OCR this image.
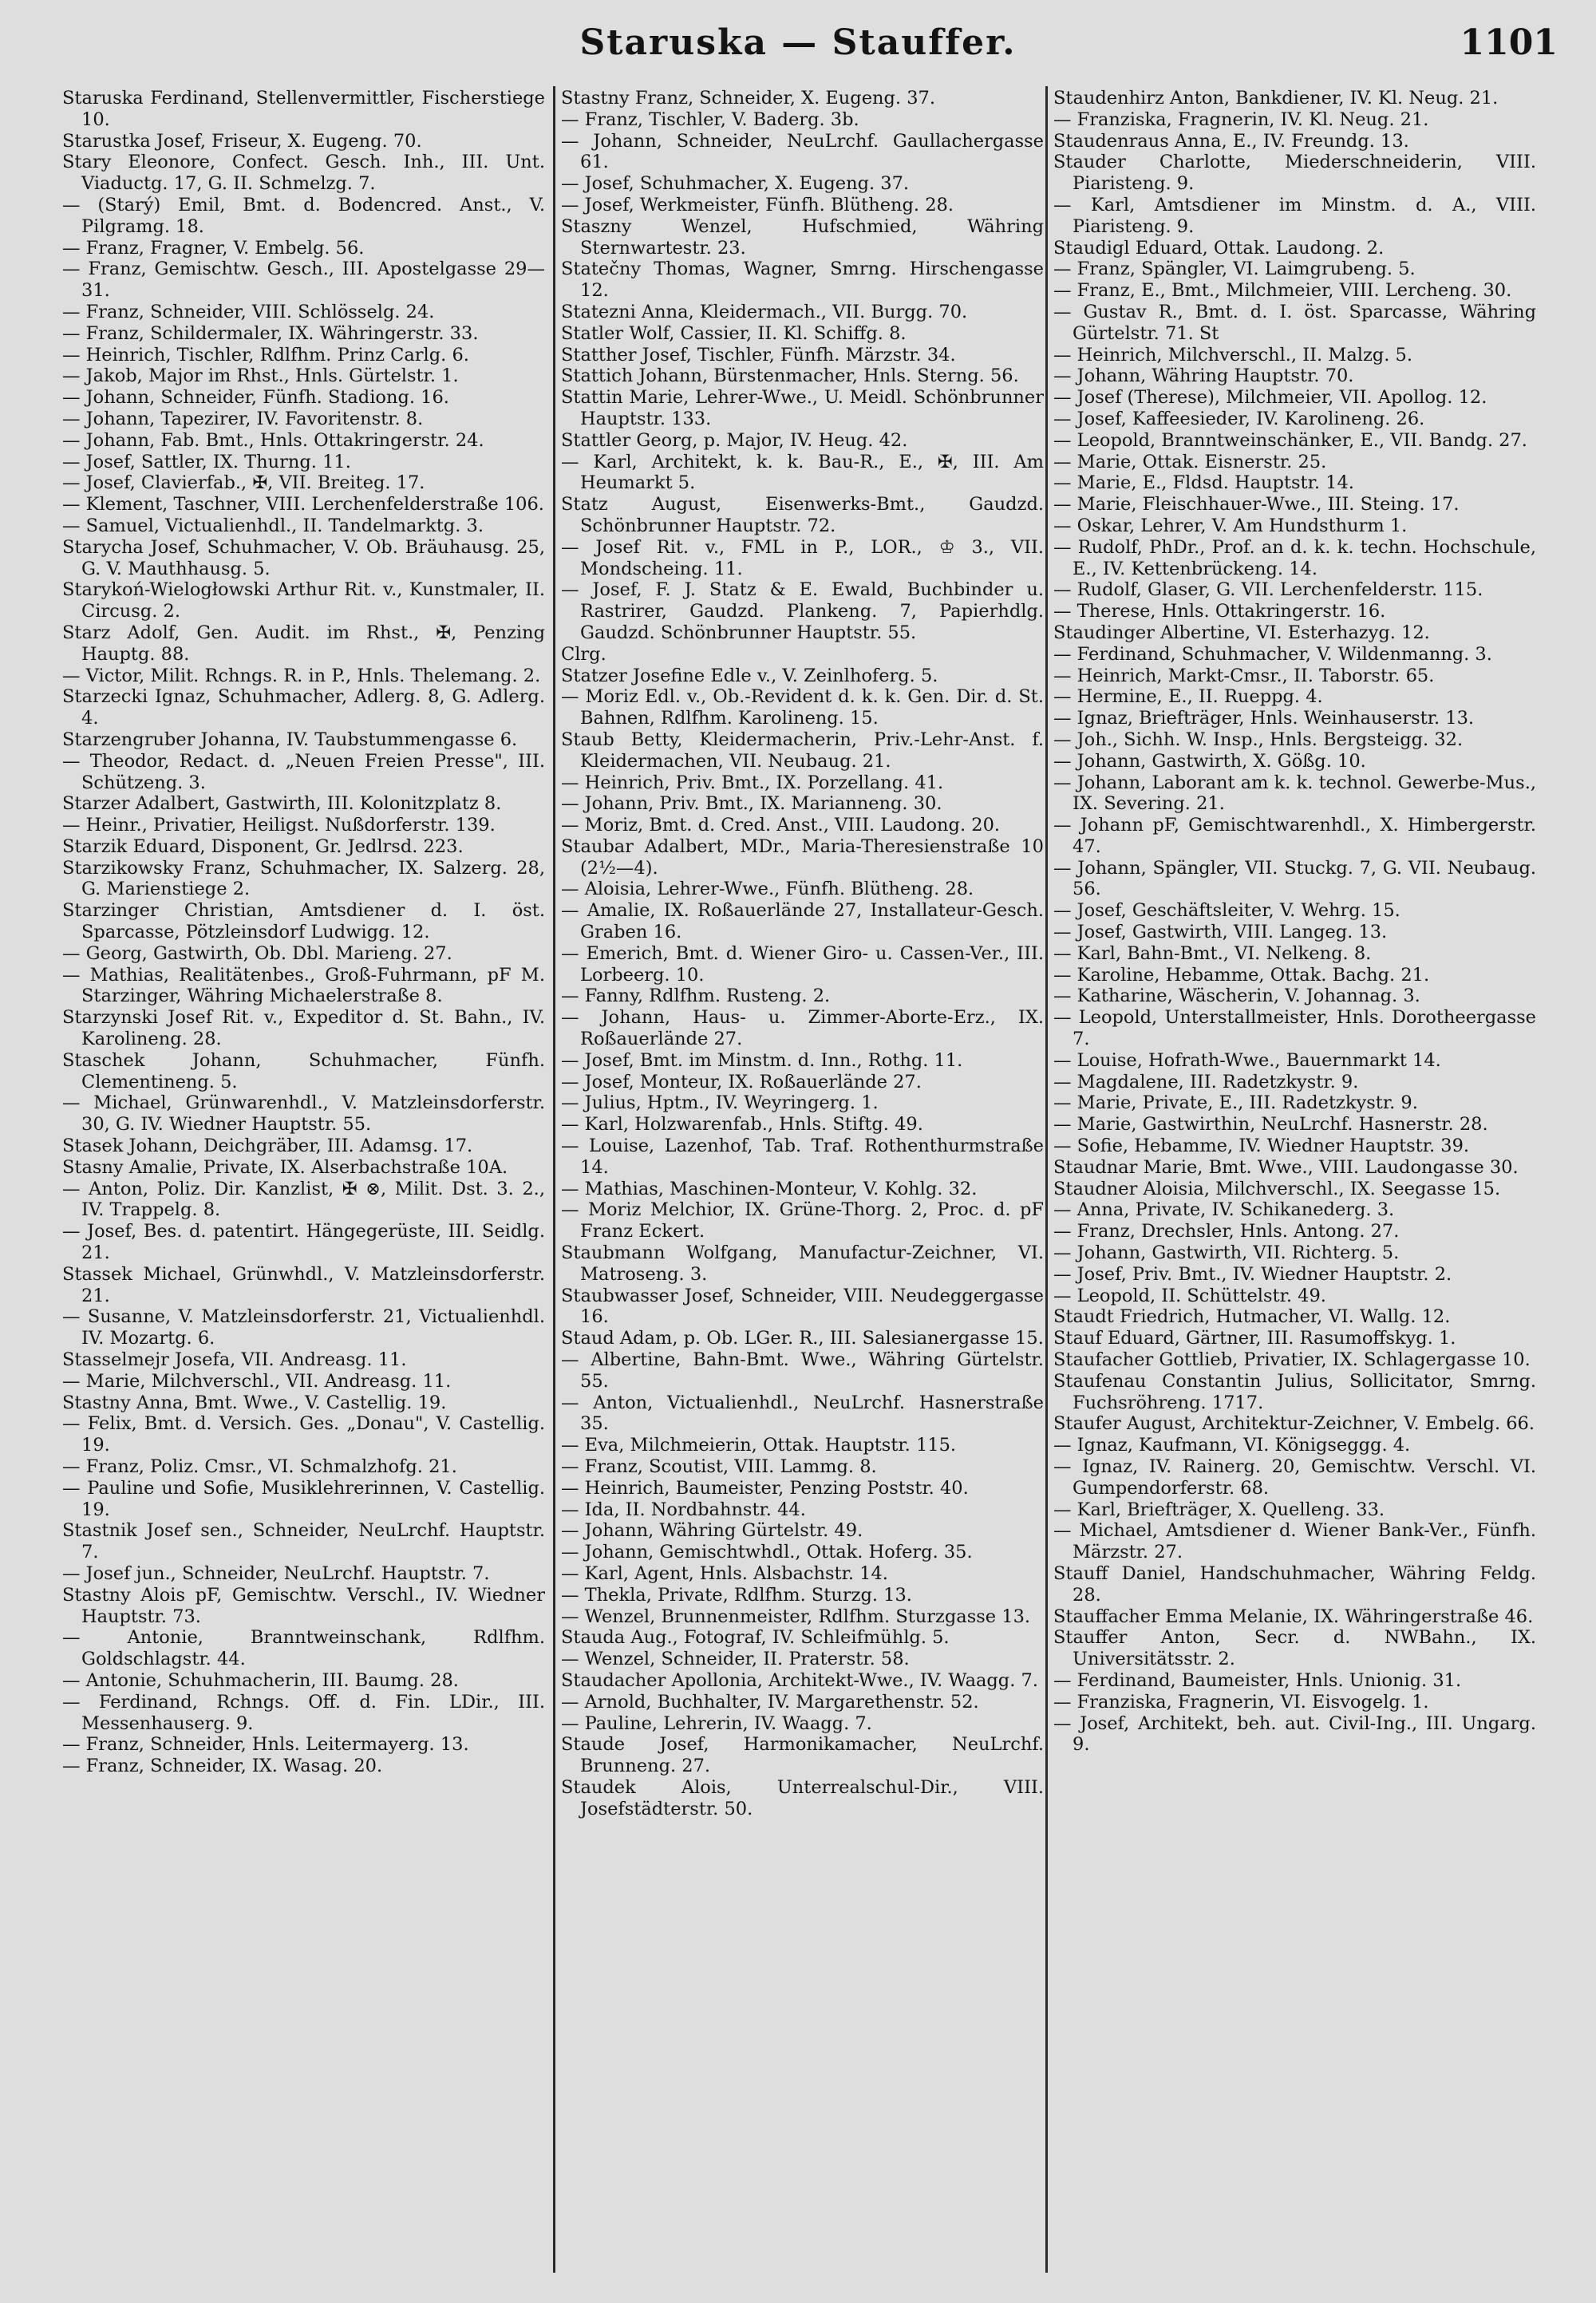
Staruska — Stauffer.	1101

Staruska Ferdinand, Stellenvermittler, Fischerstiege 10.

Starustka Josef, Friseur, X. Eugeng. 70.

Stary Eleonore, Confect. Gesch. Inh., III. Unt. Viaductg. 17, G. II. Schmelzg. 7.

— (Starý) Emil, Bmt. d. Bodencred. Anst., V. Pilgramg. 18.

— Franz, Fragner, V. Embelg. 56.

— Franz, Gemischtw. Gesch., III. Apostelgasse 29—31.

— Franz, Schneider, VIII. Schlösselg. 24.

— Franz, Schildermaler, IX. Währingerstr. 33.

— Heinrich, Tischler, Rdlfhm. Prinz Carlg. 6.

— Jakob, Major im Rhst., Hnls. Gürtelstr. 1.

— Johann, Schneider, Fünfh. Stadiong. 16.

— Johann, Tapezirer, IV. Favoritenstr. 8.

— Johann, Fab. Bmt., Hnls. Ottakringerstr. 24.

— Josef, Sattler, IX. Thurng. 11.

— Josef, Clavierfab., ✠, VII. Breiteg. 17.

— Klement, Taschner, VIII. Lerchenfelderstraße 106.

— Samuel, Victualienhdl., II. Tandelmarktg. 3.

Starycha Josef, Schuhmacher, V. Ob. Bräuhausg. 25, G. V. Mauthhausg. 5.

Starykoń-Wielogłowski Arthur Rit. v., Kunstmaler, II. Circusg. 2.

Starz Adolf, Gen. Audit. im Rhst., ✠, Penzing Hauptg. 88.

— Victor, Milit. Rchngs. R. in P., Hnls. Thelemang. 2.

Starzecki Ignaz, Schuhmacher, Adlerg. 8, G. Adlerg. 4.

Starzengruber Johanna, IV. Taubstummengasse 6.

— Theodor, Redact. d. „Neuen Freien Presse", III. Schützeng. 3.

Starzer Adalbert, Gastwirth, III. Kolonitzplatz 8.

— Heinr., Privatier, Heiligst. Nußdorferstr. 139.

Starzik Eduard, Disponent, Gr. Jedlrsd. 223.

Starzikowsky Franz, Schuhmacher, IX. Salzerg. 28, G. Marienstiege 2.

Starzinger Christian, Amtsdiener d. I. öst. Sparcasse, Pötzleinsdorf Ludwigg. 12.

— Georg, Gastwirth, Ob. Dbl. Marieng. 27.

— Mathias, Realitätenbes., Groß-Fuhrmann, pF M. Starzinger, Währing Michaelerstraße 8.

Starzynski Josef Rit. v., Expeditor d. St. Bahn., IV. Karolineng. 28.

Staschek Johann, Schuhmacher, Fünfh. Clementineng. 5.

— Michael, Grünwarenhdl., V. Matzleinsdorferstr. 30, G. IV. Wiedner Hauptstr. 55.

Stasek Johann, Deichgräber, III. Adamsg. 17.

Stasny Amalie, Private, IX. Alserbachstraße 10A.

— Anton, Poliz. Dir. Kanzlist, ✠ ⊗, Milit. Dst. 3. 2., IV. Trappelg. 8.

— Josef, Bes. d. patentirt. Hängegerüste, III. Seidlg. 21.

Stassek Michael, Grünwhdl., V. Matzleinsdorferstr. 21.

— Susanne, V. Matzleinsdorferstr. 21, Victualienhdl. IV. Mozartg. 6.

Stasselmejr Josefa, VII. Andreasg. 11.

— Marie, Milchverschl., VII. Andreasg. 11.

Stastny Anna, Bmt. Wwe., V. Castellig. 19.

— Felix, Bmt. d. Versich. Ges. „Donau", V. Castellig. 19.

— Franz, Poliz. Cmsr., VI. Schmalzhofg. 21.

— Pauline und Sofie, Musiklehrerinnen, V. Castellig. 19.

Stastnik Josef sen., Schneider, NeuLrchf. Hauptstr. 7.

— Josef jun., Schneider, NeuLrchf. Hauptstr. 7.

Stastny Alois pF, Gemischtw. Verschl., IV. Wiedner Hauptstr. 73.

— Antonie, Branntweinschank, Rdlfhm. Goldschlagstr. 44.

— Antonie, Schuhmacherin, III. Baumg. 28.

— Ferdinand, Rchngs. Off. d. Fin. LDir., III. Messenhauserg. 9.

— Franz, Schneider, Hnls. Leitermayerg. 13.

— Franz, Schneider, IX. Wasag. 20.

Stastny Franz, Schneider, X. Eugeng. 37.

— Franz, Tischler, V. Baderg. 3b.

— Johann, Schneider, NeuLrchf. Gaullachergasse 61.

— Josef, Schuhmacher, X. Eugeng. 37.

— Josef, Werkmeister, Fünfh. Blütheng. 28.

Staszny Wenzel, Hufschmied, Währing Sternwartestr. 23.

Statečny Thomas, Wagner, Smrng. Hirschengasse 12.

Statezni Anna, Kleidermach., VII. Burgg. 70.

Statler Wolf, Cassier, II. Kl. Schiffg. 8.

Statther Josef, Tischler, Fünfh. Märzstr. 34.

Stattich Johann, Bürstenmacher, Hnls. Sterng. 56.

Stattin Marie, Lehrer-Wwe., U. Meidl. Schönbrunner Hauptstr. 133.

Stattler Georg, p. Major, IV. Heug. 42.

— Karl, Architekt, k. k. Bau-R., E., ✠, III. Am Heumarkt 5.

Statz August, Eisenwerks-Bmt., Gaudzd. Schönbrunner Hauptstr. 72.

— Josef Rit. v., FML in P., LOR., ♔ 3., VII. Mondscheing. 11.

— Josef, F. J. Statz & E. Ewald, Buchbinder u. Rastrirer, Gaudzd. Plankeng. 7, Papierhdlg. Gaudzd. Schönbrunner Hauptstr. 55.

Clrg.

Statzer Josefine Edle v., V. Zeinlhoferg. 5.

— Moriz Edl. v., Ob.-Revident d. k. k. Gen. Dir. d. St. Bahnen, Rdlfhm. Karolineng. 15.

Staub Betty, Kleidermacherin, Priv.-Lehr-Anst. f. Kleidermachen, VII. Neubaug. 21.

— Heinrich, Priv. Bmt., IX. Porzellang. 41.

— Johann, Priv. Bmt., IX. Marianneng. 30.

— Moriz, Bmt. d. Cred. Anst., VIII. Laudong. 20.

Staubar Adalbert, MDr., Maria-Theresienstraße 10 (2½—4).

— Aloisia, Lehrer-Wwe., Fünfh. Blütheng. 28.

— Amalie, IX. Roßauerlände 27, Installateur-Gesch. Graben 16.

— Emerich, Bmt. d. Wiener Giro- u. Cassen-Ver., III. Lorbeerg. 10.

— Fanny, Rdlfhm. Rusteng. 2.

— Johann, Haus- u. Zimmer-Aborte-Erz., IX. Roßauerlände 27.

— Josef, Bmt. im Minstm. d. Inn., Rothg. 11.

— Josef, Monteur, IX. Roßauerlände 27.

— Julius, Hptm., IV. Weyringerg. 1.

— Karl, Holzwarenfab., Hnls. Stiftg. 49.

— Louise, Lazenhof, Tab. Traf. Rothenthurmstraße 14.

— Mathias, Maschinen-Monteur, V. Kohlg. 32.

— Moriz Melchior, IX. Grüne-Thorg. 2, Proc. d. pF Franz Eckert.

Staubmann Wolfgang, Manufactur-Zeichner, VI. Matroseng. 3.

Staubwasser Josef, Schneider, VIII. Neudeggergasse 16.

Staud Adam, p. Ob. LGer. R., III. Salesianergasse 15.

— Albertine, Bahn-Bmt. Wwe., Währing Gürtelstr. 55.

— Anton, Victualienhdl., NeuLrchf. Hasnerstraße 35.

— Eva, Milchmeierin, Ottak. Hauptstr. 115.

— Franz, Scoutist, VIII. Lammg. 8.

— Heinrich, Baumeister, Penzing Poststr. 40.

— Ida, II. Nordbahnstr. 44.

— Johann, Währing Gürtelstr. 49.

— Johann, Gemischtwhdl., Ottak. Hoferg. 35.

— Karl, Agent, Hnls. Alsbachstr. 14.

— Thekla, Private, Rdlfhm. Sturzg. 13.

— Wenzel, Brunnenmeister, Rdlfhm. Sturzgasse 13.

Stauda Aug., Fotograf, IV. Schleifmühlg. 5.

— Wenzel, Schneider, II. Praterstr. 58.

Staudacher Apollonia, Architekt-Wwe., IV. Waagg. 7.

— Arnold, Buchhalter, IV. Margarethenstr. 52.

— Pauline, Lehrerin, IV. Waagg. 7.

Staude Josef, Harmonikamacher, NeuLrchf. Brunneng. 27.

Staudek Alois, Unterrealschul-Dir., VIII. Josefstädterstr. 50.

Staudenhirz Anton, Bankdiener, IV. Kl. Neug. 21.

— Franziska, Fragnerin, IV. Kl. Neug. 21.

Staudenraus Anna, E., IV. Freundg. 13.

Stauder Charlotte, Miederschneiderin, VIII. Piaristeng. 9.

— Karl, Amtsdiener im Minstm. d. A., VIII. Piaristeng. 9.

Staudigl Eduard, Ottak. Laudong. 2.

— Franz, Spängler, VI. Laimgrubeng. 5.

— Franz, E., Bmt., Milchmeier, VIII. Lercheng. 30.

— Gustav R., Bmt. d. I. öst. Sparcasse, Währing Gürtelstr. 71. St

— Heinrich, Milchverschl., II. Malzg. 5.

— Johann, Währing Hauptstr. 70.

— Josef (Therese), Milchmeier, VII. Apollog. 12.

— Josef, Kaffeesieder, IV. Karolineng. 26.

— Leopold, Branntweinschänker, E., VII. Bandg. 27.

— Marie, Ottak. Eisnerstr. 25.

— Marie, E., Fldsd. Hauptstr. 14.

— Marie, Fleischhauer-Wwe., III. Steing. 17.

— Oskar, Lehrer, V. Am Hundsthurm 1.

— Rudolf, PhDr., Prof. an d. k. k. techn. Hochschule, E., IV. Kettenbrückeng. 14.

— Rudolf, Glaser, G. VII. Lerchenfelderstr. 115.

— Therese, Hnls. Ottakringerstr. 16.

Staudinger Albertine, VI. Esterhazyg. 12.

— Ferdinand, Schuhmacher, V. Wildenmanng. 3.

— Heinrich, Markt-Cmsr., II. Taborstr. 65.

— Hermine, E., II. Rueppg. 4.

— Ignaz, Briefträger, Hnls. Weinhauserstr. 13.

— Joh., Sichh. W. Insp., Hnls. Bergsteigg. 32.

— Johann, Gastwirth, X. Gößg. 10.

— Johann, Laborant am k. k. technol. Gewerbe-Mus., IX. Severing. 21.

— Johann pF, Gemischtwarenhdl., X. Himbergerstr. 47.

— Johann, Spängler, VII. Stuckg. 7, G. VII. Neubaug. 56.

— Josef, Geschäftsleiter, V. Wehrg. 15.

— Josef, Gastwirth, VIII. Langeg. 13.

— Karl, Bahn-Bmt., VI. Nelkeng. 8.

— Karoline, Hebamme, Ottak. Bachg. 21.

— Katharine, Wäscherin, V. Johannag. 3.

— Leopold, Unterstallmeister, Hnls. Dorotheergasse 7.

— Louise, Hofrath-Wwe., Bauernmarkt 14.

— Magdalene, III. Radetzkystr. 9.

— Marie, Private, E., III. Radetzkystr. 9.

— Marie, Gastwirthin, NeuLrchf. Hasnerstr. 28.

— Sofie, Hebamme, IV. Wiedner Hauptstr. 39.

Staudnar Marie, Bmt. Wwe., VIII. Laudongasse 30.

Staudner Aloisia, Milchverschl., IX. Seegasse 15.

— Anna, Private, IV. Schikanederg. 3.

— Franz, Drechsler, Hnls. Antong. 27.

— Johann, Gastwirth, VII. Richterg. 5.

— Josef, Priv. Bmt., IV. Wiedner Hauptstr. 2.

— Leopold, II. Schüttelstr. 49.

Staudt Friedrich, Hutmacher, VI. Wallg. 12.

Stauf Eduard, Gärtner, III. Rasumoffskyg. 1.

Staufacher Gottlieb, Privatier, IX. Schlagergasse 10.

Staufenau Constantin Julius, Sollicitator, Smrng. Fuchsröhreng. 1717.

Staufer August, Architektur-Zeichner, V. Embelg. 66.

— Ignaz, Kaufmann, VI. Königseggg. 4.

— Ignaz, IV. Rainerg. 20, Gemischtw. Verschl. VI. Gumpendorferstr. 68.

— Karl, Briefträger, X. Quelleng. 33.

— Michael, Amtsdiener d. Wiener Bank-Ver., Fünfh. Märzstr. 27.

Stauff Daniel, Handschuhmacher, Währing Feldg. 28.

Stauffacher Emma Melanie, IX. Währingerstraße 46.

Stauffer Anton, Secr. d. NWBahn., IX. Universitätsstr. 2.

— Ferdinand, Baumeister, Hnls. Unionig. 31.

— Franziska, Fragnerin, VI. Eisvogelg. 1.

— Josef, Architekt, beh. aut. Civil-Ing., III. Ungarg. 9.
